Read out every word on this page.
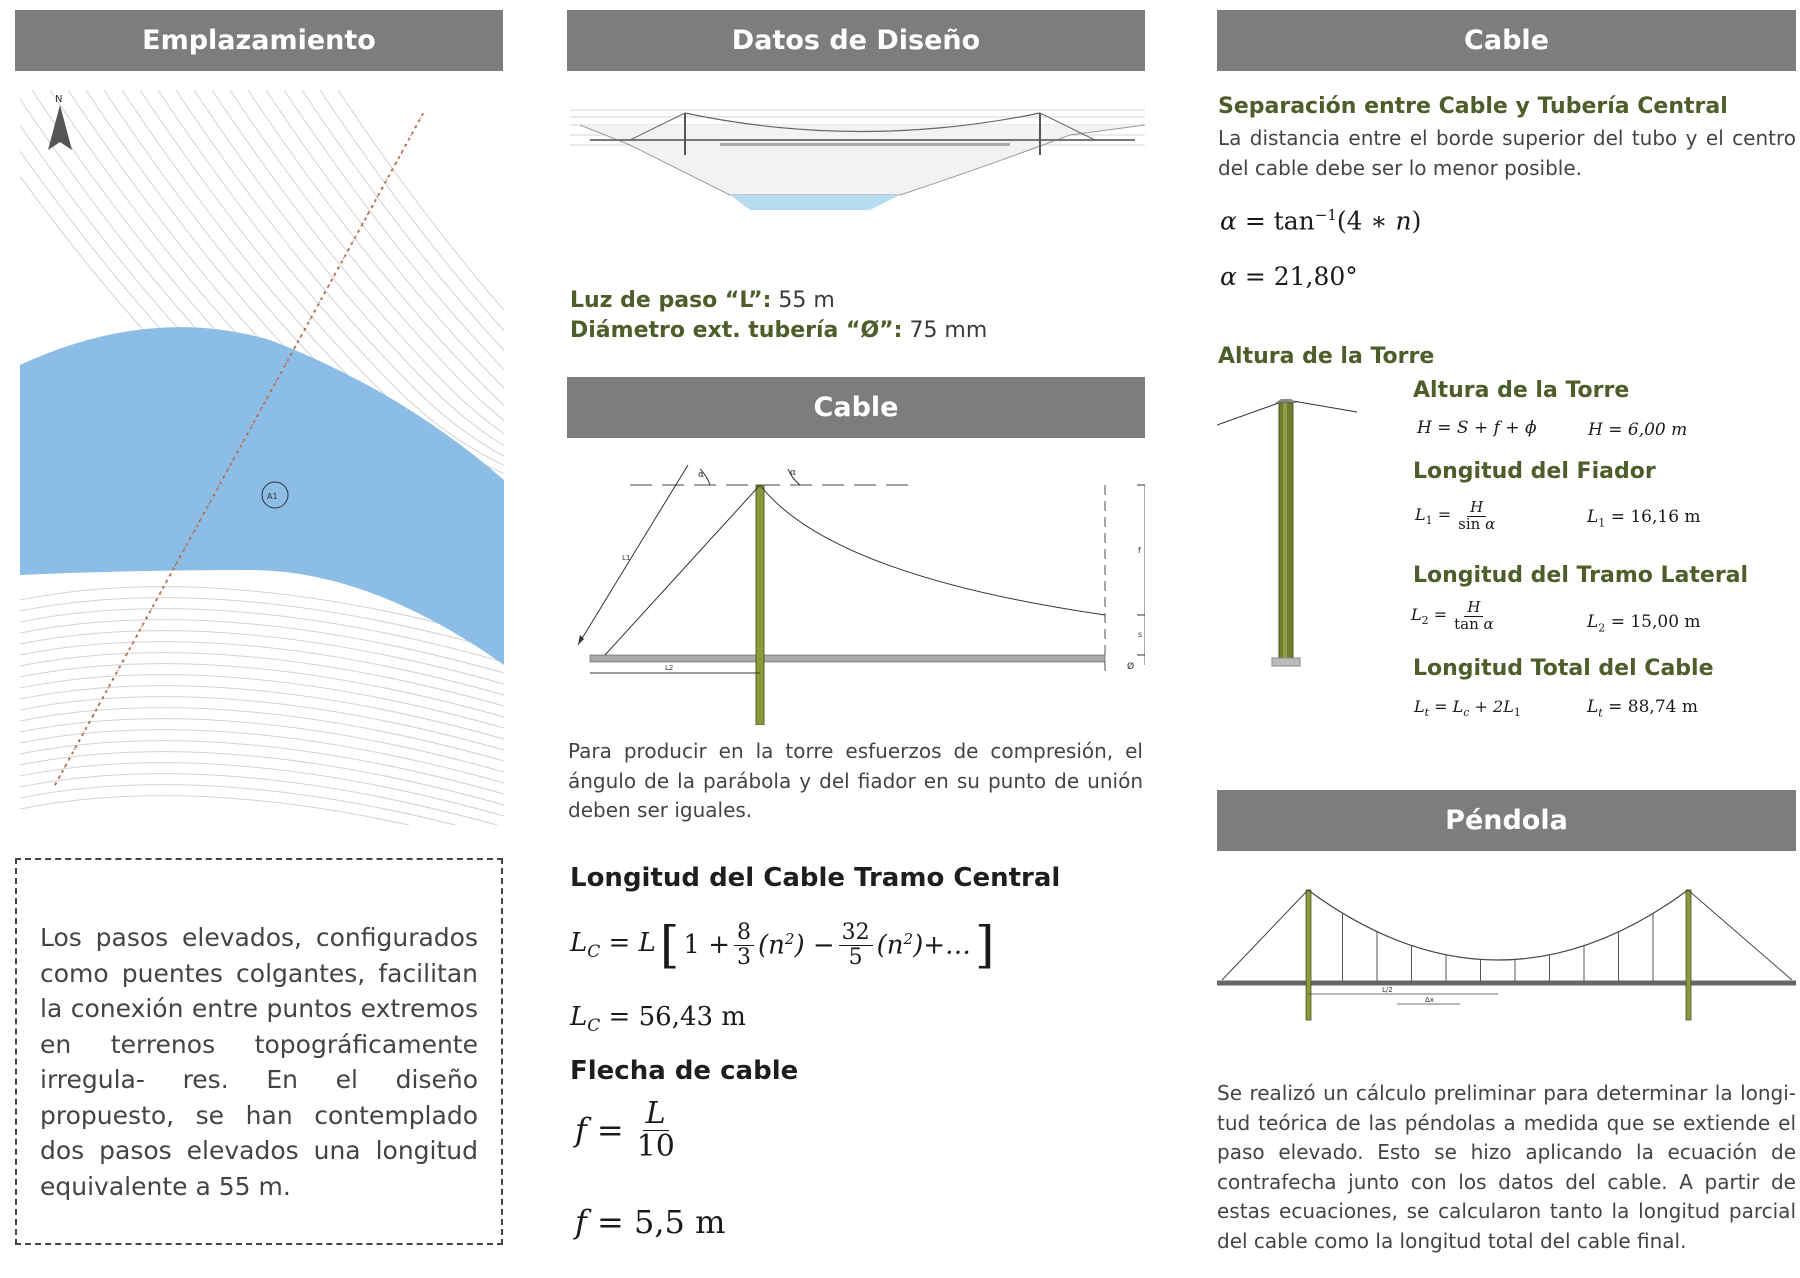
Emplazamiento
N
A1
Los pasos elevados, configurados como puentes colgantes, facilitan la conexión entre puntos extremos en terrenos topográficamente irregula- res. En el diseño propuesto, se han contemplado dos pasos elevados una longitud equivalente a 55 m.
Datos de Diseño
Luz de paso “L”: 55 m
Diámetro ext. tubería “Ø”: 75 mm
Cable
α	α
L1
L2
f
s
Ø
Para producir en la torre esfuerzos de compresión, el ángulo de la parábola y del fiador en su punto de unión deben ser iguales.
Longitud del Cable Tramo Central
$L_C = L$ [ $1 + \frac{8}{3} (n^2) - \frac{32}{5}$ $(n^2)+\dots$ ]
$L_C = 56,43$ m
Flecha de cable
$f = \frac{L}{10}$
f = 5,5 m
Cable
Separación entre Cable y Tubería Central
La distancia entre el borde superior del tubo y el centro del cable debe ser lo menor posible.
$\alpha = \tan^{-1}(4$ ∗ n)
α = 21,80°
Altura de la Torre
Altura de la Torre
H = S + f + ϕ	H = 6,00 m
Longitud del Fiador
$L_1 = \frac{H}{\text{sin α}}$	$L_1 = 16,16$ m
Longitud del Tramo Lateral
$L_2 = \frac{H}{\text{tan α}}$	$L_2 = 15,00$ m
Longitud Total del Cable
$L_t = L_c + 2L_1$	$L_t = 88,74$ m
Péndola
L/2
Δx
Se realizó un cálculo preliminar para determinar la longi- tud teórica de las péndolas a medida que se extiende el paso elevado. Esto se hizo aplicando la ecuación de contrafecha junto con los datos del cable. A partir de estas ecuaciones, se calcularon tanto la longitud parcial del cable como la longitud total del cable final.
